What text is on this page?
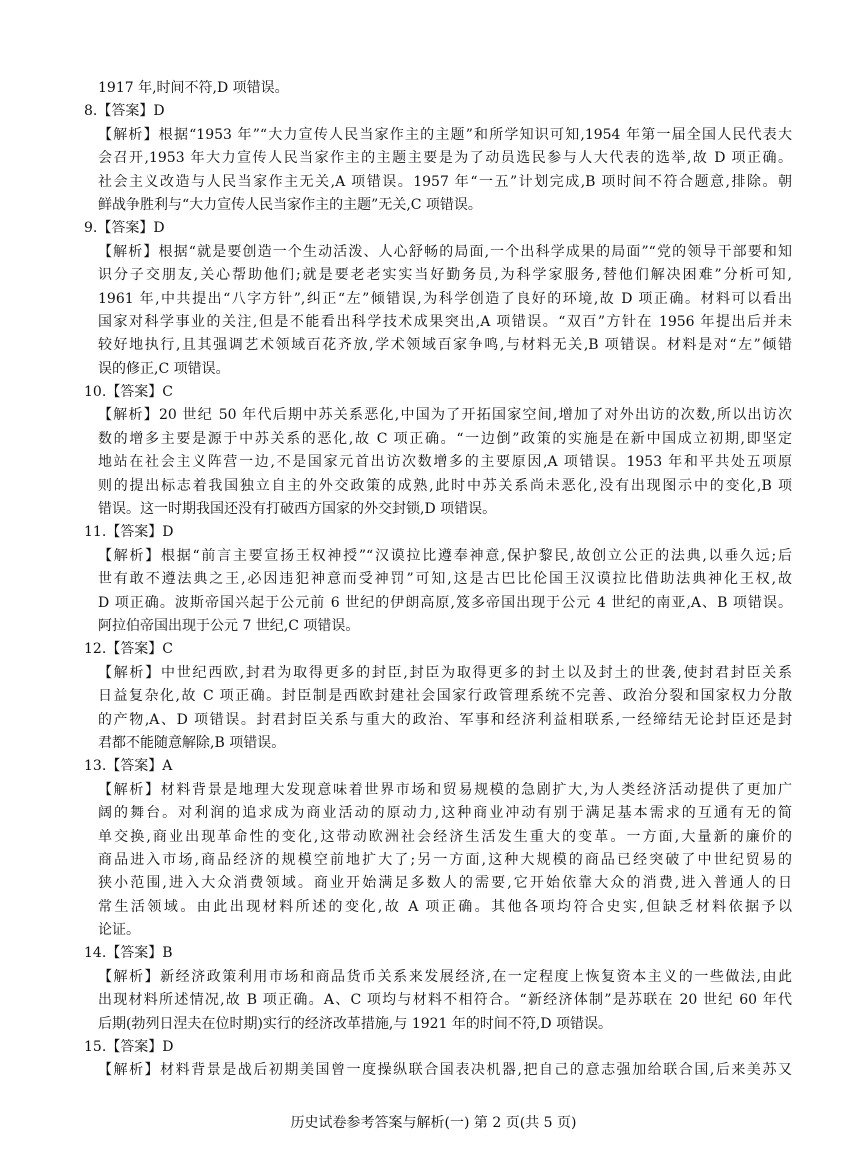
1917 年,时间不符,D 项错误。
8.【答案】D
【解析】根据“1953 年”“大力宣传人民当家作主的主题”和所学知识可知,1954 年第一届全国人民代表大
会召开,1953 年大力宣传人民当家作主的主题主要是为了动员选民参与人大代表的选举,故 D 项正确。
社会主义改造与人民当家作主无关,A 项错误。1957 年“一五”计划完成,B 项时间不符合题意,排除。朝
鲜战争胜利与“大力宣传人民当家作主的主题”无关,C 项错误。
9.【答案】D
【解析】根据“就是要创造一个生动活泼、人心舒畅的局面,一个出科学成果的局面”“党的领导干部要和知
识分子交朋友,关心帮助他们;就是要老老实实当好勤务员,为科学家服务,替他们解决困难”分析可知,
1961 年,中共提出“八字方针”,纠正“左”倾错误,为科学创造了良好的环境,故 D 项正确。材料可以看出
国家对科学事业的关注,但是不能看出科学技术成果突出,A 项错误。“双百”方针在 1956 年提出后并未
较好地执行,且其强调艺术领域百花齐放,学术领域百家争鸣,与材料无关,B 项错误。材料是对“左”倾错
误的修正,C 项错误。
10.【答案】C
【解析】20 世纪 50 年代后期中苏关系恶化,中国为了开拓国家空间,增加了对外出访的次数,所以出访次
数的增多主要是源于中苏关系的恶化,故 C 项正确。“一边倒”政策的实施是在新中国成立初期,即坚定
地站在社会主义阵营一边,不是国家元首出访次数增多的主要原因,A 项错误。1953 年和平共处五项原
则的提出标志着我国独立自主的外交政策的成熟,此时中苏关系尚未恶化,没有出现图示中的变化,B 项
错误。这一时期我国还没有打破西方国家的外交封锁,D 项错误。
11.【答案】D
【解析】根据“前言主要宣扬王权神授”“汉谟拉比遵奉神意,保护黎民,故创立公正的法典,以垂久远;后
世有敢不遵法典之王,必因违犯神意而受神罚”可知,这是古巴比伦国王汉谟拉比借助法典神化王权,故
D 项正确。波斯帝国兴起于公元前 6 世纪的伊朗高原,笈多帝国出现于公元 4 世纪的南亚,A、B 项错误。
阿拉伯帝国出现于公元 7 世纪,C 项错误。
12.【答案】C
【解析】中世纪西欧,封君为取得更多的封臣,封臣为取得更多的封土以及封土的世袭,使封君封臣关系
日益复杂化,故 C 项正确。封臣制是西欧封建社会国家行政管理系统不完善、政治分裂和国家权力分散
的产物,A、D 项错误。封君封臣关系与重大的政治、军事和经济利益相联系,一经缔结无论封臣还是封
君都不能随意解除,B 项错误。
13.【答案】A
【解析】材料背景是地理大发现意味着世界市场和贸易规模的急剧扩大,为人类经济活动提供了更加广
阔的舞台。对利润的追求成为商业活动的原动力,这种商业冲动有别于满足基本需求的互通有无的简
单交换,商业出现革命性的变化,这带动欧洲社会经济生活发生重大的变革。一方面,大量新的廉价的
商品进入市场,商品经济的规模空前地扩大了;另一方面,这种大规模的商品已经突破了中世纪贸易的
狭小范围,进入大众消费领域。商业开始满足多数人的需要,它开始依靠大众的消费,进入普通人的日
常生活领域。由此出现材料所述的变化,故 A 项正确。其他各项均符合史实,但缺乏材料依据予以
论证。
14.【答案】B
【解析】新经济政策利用市场和商品货币关系来发展经济,在一定程度上恢复资本主义的一些做法,由此
出现材料所述情况,故 B 项正确。A、C 项均与材料不相符合。“新经济体制”是苏联在 20 世纪 60 年代
后期(勃列日涅夫在位时期)实行的经济改革措施,与 1921 年的时间不符,D 项错误。
15.【答案】D
【解析】材料背景是战后初期美国曾一度操纵联合国表决机器,把自己的意志强加给联合国,后来美苏又
历史试卷参考答案与解析(一) 第 2 页(共 5 页)
